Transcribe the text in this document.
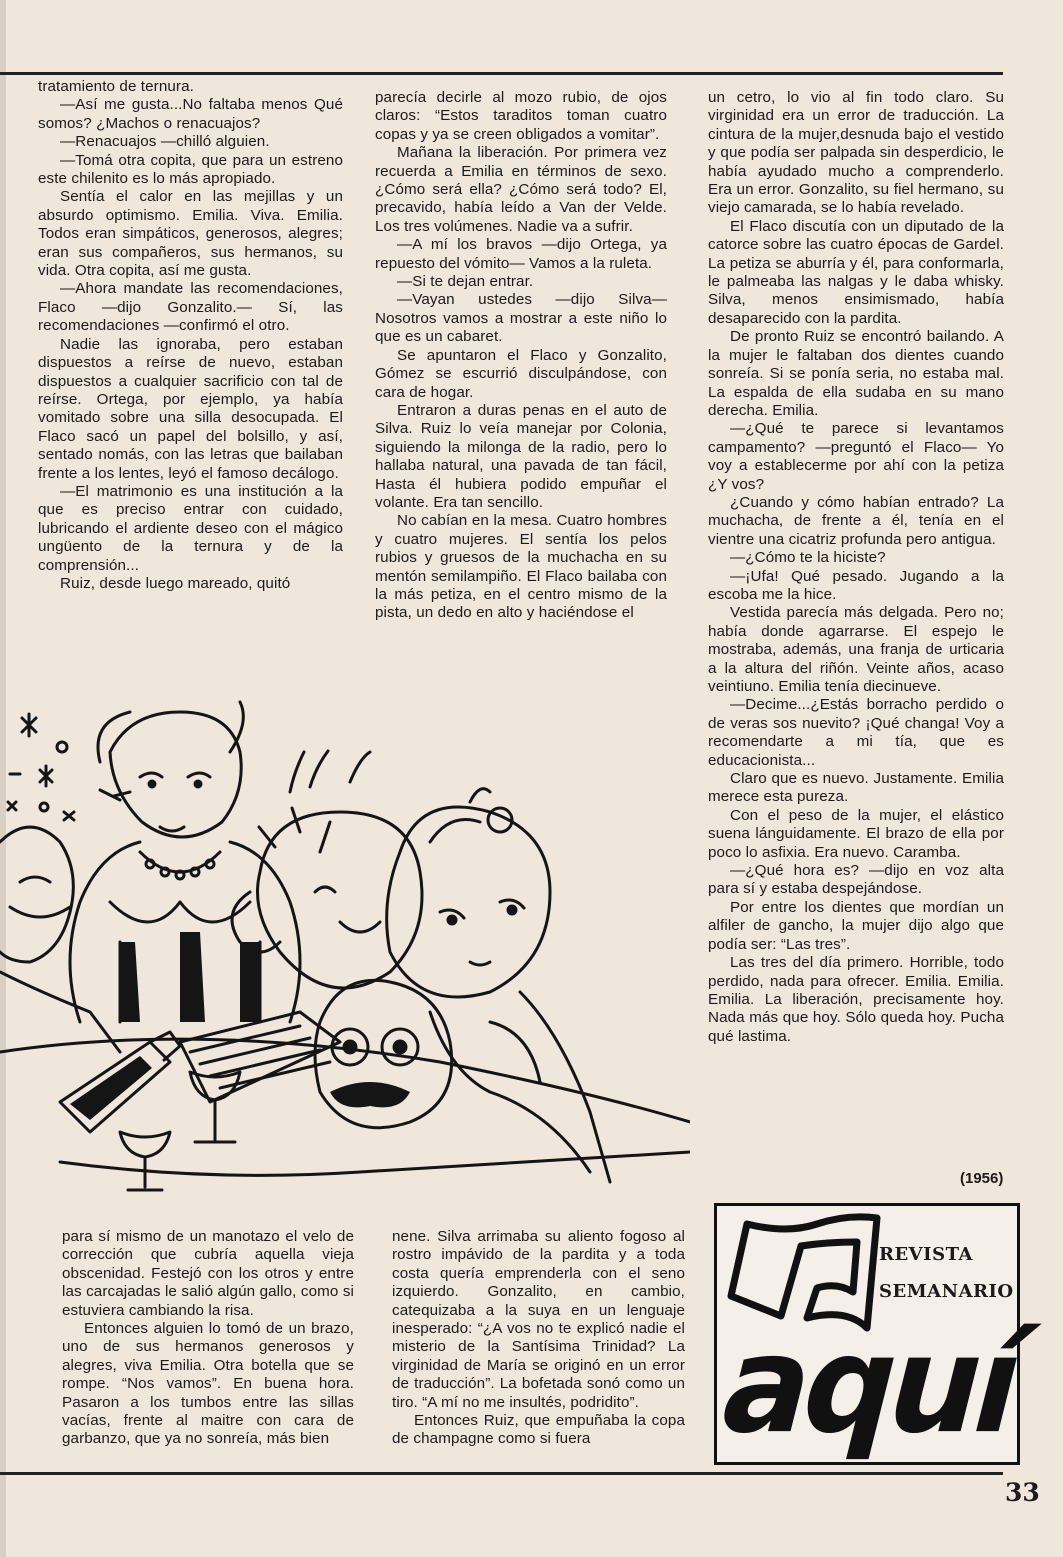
tratamiento de ternura.

—Así me gusta...No faltaba menos Qué somos? ¿Machos o renacuajos?

—Renacuajos —chilló alguien.

—Tomá otra copita, que para un estreno este chilenito es lo más apropiado.

Sentía el calor en las mejillas y un absurdo optimismo. Emilia. Viva. Emilia. Todos eran simpáticos, generosos, alegres; eran sus compañeros, sus hermanos, su vida. Otra copita, así me gusta.

—Ahora mandate las recomendaciones, Flaco —dijo Gonzalito.— Sí, las recomendaciones —confirmó el otro.

Nadie las ignoraba, pero estaban dispuestos a reírse de nuevo, estaban dispuestos a cualquier sacrificio con tal de reírse. Ortega, por ejemplo, ya había vomitado sobre una silla desocupada. El Flaco sacó un papel del bolsillo, y así, sentado nomás, con las letras que bailaban frente a los lentes, leyó el famoso decálogo.

—El matrimonio es una institución a la que es preciso entrar con cuidado, lubricando el ardiente deseo con el mágico ungüento de la ternura y de la comprensión...

Ruiz, desde luego mareado, quitó

parecía decirle al mozo rubio, de ojos claros: “Estos taraditos toman cuatro copas y ya se creen obligados a vomitar”.

Mañana la liberación. Por primera vez recuerda a Emilia en términos de sexo. ¿Cómo será ella? ¿Cómo será todo? El, precavido, había leído a Van der Velde. Los tres volúmenes. Nadie va a sufrir.

—A mí los bravos —dijo Ortega, ya repuesto del vómito— Vamos a la ruleta.

—Si te dejan entrar.

—Vayan ustedes —dijo Silva— Nosotros vamos a mostrar a este niño lo que es un cabaret.

Se apuntaron el Flaco y Gonzalito, Gómez se escurrió disculpándose, con cara de hogar.

Entraron a duras penas en el auto de Silva. Ruiz lo veía manejar por Colonia, siguiendo la milonga de la radio, pero lo hallaba natural, una pavada de tan fácil, Hasta él hubiera podido empuñar el volante. Era tan sencillo.

No cabían en la mesa. Cuatro hombres y cuatro mujeres. El sentía los pelos rubios y gruesos de la muchacha en su mentón semilampiño. El Flaco bailaba con la más petiza, en el centro mismo de la pista, un dedo en alto y haciéndose el

un cetro, lo vio al fin todo claro. Su virginidad era un error de traducción. La cintura de la mujer,desnuda bajo el vestido y que podía ser palpada sin desperdicio, le había ayudado mucho a comprenderlo. Era un error. Gonzalito, su fiel hermano, su viejo camarada, se lo había revelado.

El Flaco discutía con un diputado de la catorce sobre las cuatro épocas de Gardel. La petiza se aburría y él, para conformarla, le palmeaba las nalgas y le daba whisky. Silva, menos ensimismado, había desaparecido con la pardita.

De pronto Ruiz se encontró bailando. A la mujer le faltaban dos dientes cuando sonreía. Si se ponía seria, no estaba mal. La espalda de ella sudaba en su mano derecha. Emilia.

—¿Qué te parece si levantamos campamento? —preguntó el Flaco— Yo voy a establecerme por ahí con la petiza ¿Y vos?

¿Cuando y cómo habían entrado? La muchacha, de frente a él, tenía en el vientre una cicatriz profunda pero antigua.

—¿Cómo te la hiciste?

—¡Ufa! Qué pesado. Jugando a la escoba me la hice.

Vestida parecía más delgada. Pero no; había donde agarrarse. El espejo le mostraba, además, una franja de urticaria a la altura del riñón. Veinte años, acaso veintiuno. Emilia tenía diecinueve.

—Decime...¿Estás borracho perdido o de veras sos nuevito? ¡Qué changa! Voy a recomendarte a mi tía, que es educacionista...

Claro que es nuevo. Justamente. Emilia merece esta pureza.

Con el peso de la mujer, el elástico suena lánguidamente. El brazo de ella por poco lo asfixia. Era nuevo. Caramba.

—¿Qué hora es? —dijo en voz alta para sí y estaba despejándose.

Por entre los dientes que mordían un alfiler de gancho, la mujer dijo algo que podía ser: “Las tres”.

Las tres del día primero. Horrible, todo perdido, nada para ofrecer. Emilia. Emilia. Emilia. La liberación, precisamente hoy. Nada más que hoy. Sólo queda hoy. Pucha qué lastima.

(1956)

para sí mismo de un manotazo el velo de corrección que cubría aquella vieja obscenidad. Festejó con los otros y entre las carcajadas le salió algún gallo, como si estuviera cambiando la risa.

Entonces alguien lo tomó de un brazo, uno de sus hermanos generosos y alegres, viva Emilia. Otra botella que se rompe. “Nos vamos”. En buena hora. Pasaron a los tumbos entre las sillas vacías, frente al maitre con cara de garbanzo, que ya no sonreía, más bien

nene. Silva arrimaba su aliento fogoso al rostro impávido de la pardita y a toda costa quería emprenderla con el seno izquierdo. Gonzalito, en cambio, catequizaba a la suya en un lenguaje inesperado: “¿A vos no te explicó nadie el misterio de la Santísima Trinidad? La virginidad de María se originó en un error de traducción”. La bofetada sonó como un tiro. “A mí no me insultés, podridito”.

Entonces Ruiz, que empuñaba la copa de champagne como si fuera

REVISTA
SEMANARIO
aquí
33
